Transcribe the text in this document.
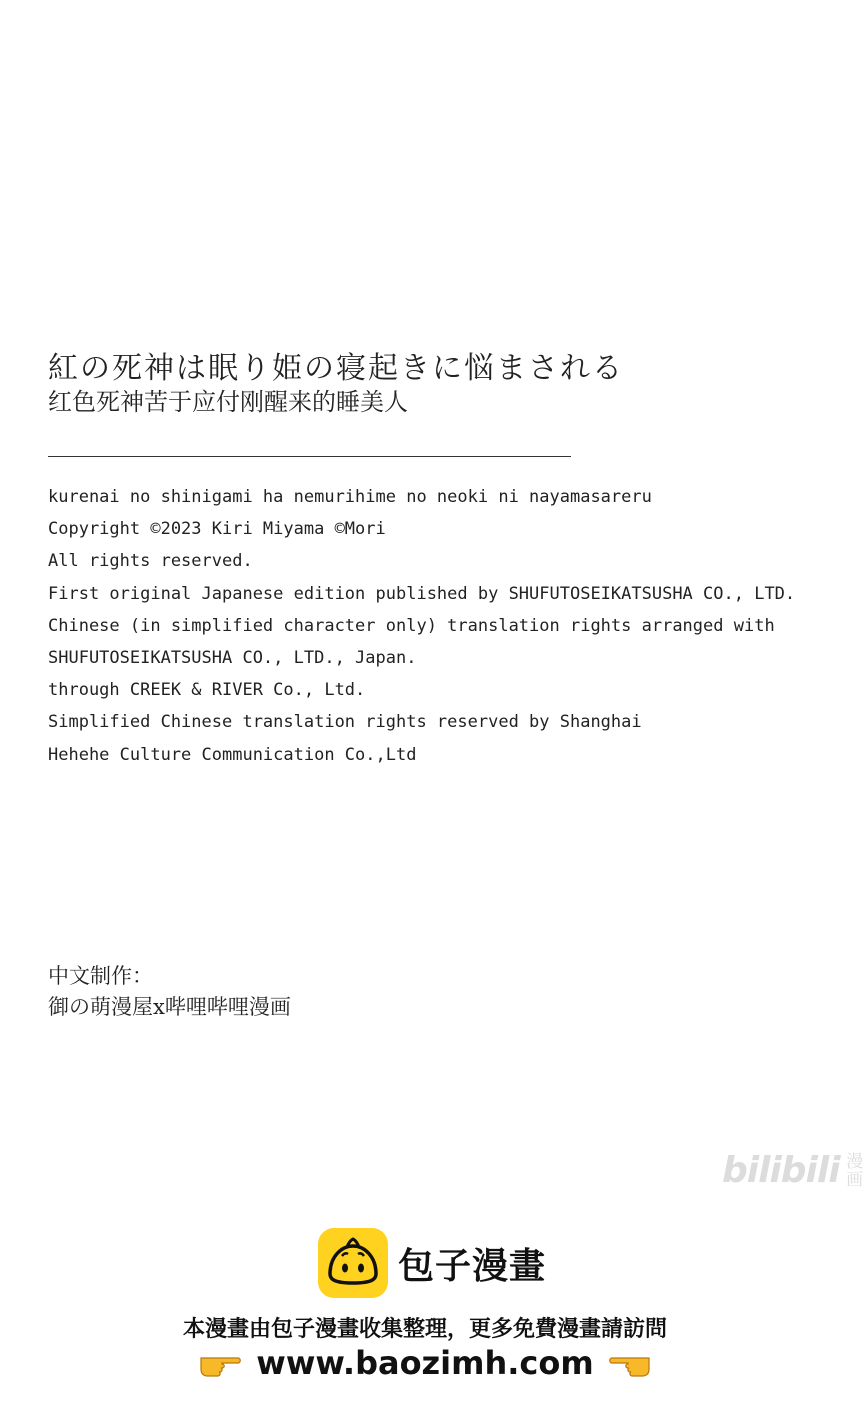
紅の死神は眠り姫の寝起きに悩まされる
红色死神苦于应付刚醒来的睡美人
kurenai no shinigami ha nemurihime no neoki ni nayamasareru
Copyright ©2023 Kiri Miyama ©Mori
All rights reserved.
First original Japanese edition published by SHUFUTOSEIKATSUSHA CO., LTD.
Chinese (in simplified character only) translation rights arranged with
SHUFUTOSEIKATSUSHA CO., LTD., Japan.
through CREEK & RIVER Co., Ltd.
Simplified Chinese translation rights reserved by Shanghai
Hehehe Culture Communication Co.,Ltd
中文制作：
御の萌漫屋x哔哩哔哩漫画
bilibili 漫画
包子漫畫
本漫畫由包子漫畫收集整理，更多免費漫畫請訪問
www.baozimh.com
